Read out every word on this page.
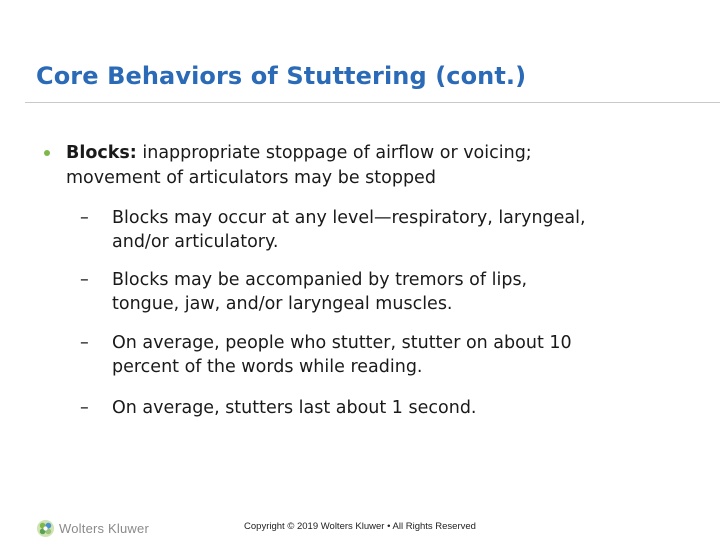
Core Behaviors of Stuttering (cont.)
Blocks: inappropriate stoppage of airflow or voicing;
movement of articulators may be stopped
– Blocks may occur at any level—respiratory, laryngeal,
and/or articulatory.
– Blocks may be accompanied by tremors of lips,
tongue, jaw, and/or laryngeal muscles.
– On average, people who stutter, stutter on about 10
percent of the words while reading.
– On average, stutters last about 1 second.
Wolters Kluwer	Copyright © 2019 Wolters Kluwer • All Rights Reserved
